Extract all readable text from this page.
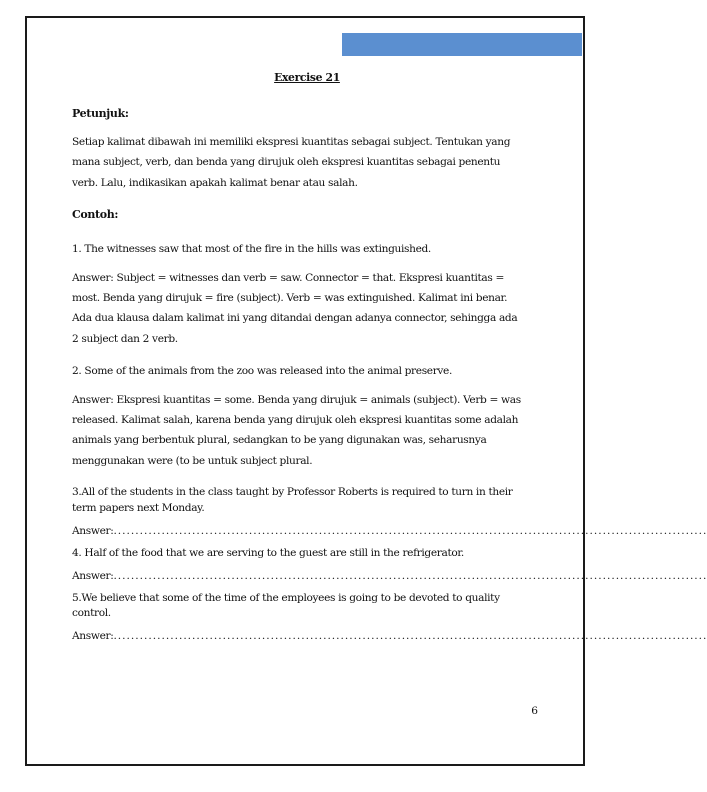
Exercise 21

Petunjuk:

Setiap kalimat dibawah ini memiliki ekspresi kuantitas sebagai subject. Tentukan yang

mana subject, verb, dan benda yang dirujuk oleh ekspresi kuantitas sebagai penentu

verb. Lalu, indikasikan apakah kalimat benar atau salah.

Contoh:

1. The witnesses saw that most of the fire in the hills was extinguished.

Answer: Subject = witnesses dan verb = saw. Connector = that. Ekspresi kuantitas =

most. Benda yang dirujuk = fire (subject). Verb = was extinguished. Kalimat ini benar.

Ada dua klausa dalam kalimat ini yang ditandai dengan adanya connector, sehingga ada

2 subject dan 2 verb.

2. Some of the animals from the zoo was released into the animal preserve.

Answer: Ekspresi kuantitas = some. Benda yang dirujuk = animals (subject). Verb = was

released. Kalimat salah, karena benda yang dirujuk oleh ekspresi kuantitas some adalah

animals yang berbentuk plural, sedangkan to be yang digunakan was, seharusnya

menggunakan were (to be untuk subject plural.

3.All of the students in the class taught by Professor Roberts is required to turn in their

term papers next Monday.

Answer: ........................................................................................................................................

4. Half of the food that we are serving to the guest are still in the refrigerator.

Answer: ........................................................................................................................................

5.We believe that some of the time of the employees is going to be devoted to quality

control.

Answer: ........................................................................................................................................
6
